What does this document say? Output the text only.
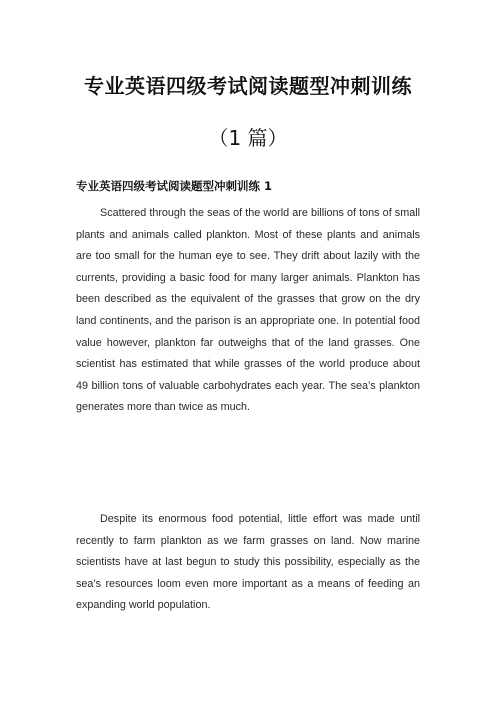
专业英语四级考试阅读题型冲刺训练
（1 篇）
专业英语四级考试阅读题型冲刺训练 1

Scattered through the seas of the world are billions of tons of small plants and animals called plankton. Most of these plants and animals are too small for the human eye to see. They drift about lazily with the currents, providing a basic food for many larger animals. Plankton has been described as the equivalent of the grasses that grow on the dry land continents, and the parison is an appropriate one. In potential food value however, plankton far outweighs that of the land grasses. One scientist has estimated that while grasses of the world produce about 49 billion tons of valuable carbohydrates each year. The sea’s plankton generates more than twice as much.

Despite its enormous food potential, little effort was made until recently to farm plankton as we farm grasses on land. Now marine scientists have at last begun to study this possibility, especially as the sea’s resources loom even more important as a means of feeding an expanding world population.
